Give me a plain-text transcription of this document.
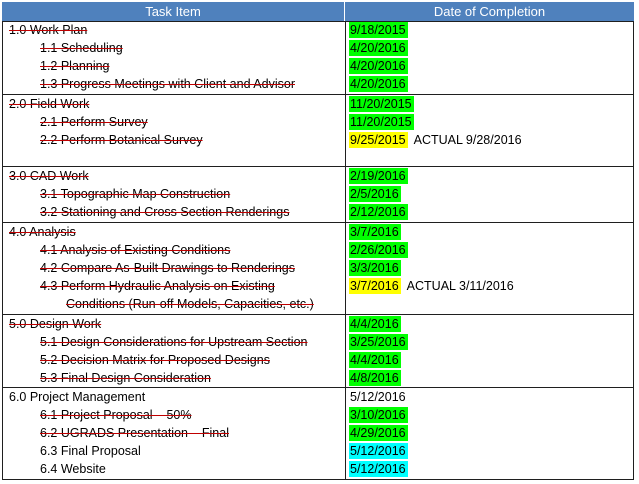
Task Item	Date of Completion
1.0 Work Plan	9/18/2015
1.1 Scheduling	4/20/2016
1.2 Planning	4/20/2016
1.3 Progress Meetings with Client and Advisor	4/20/2016
2.0 Field Work	11/20/2015
2.1 Perform Survey	11/20/2015
2.2 Perform Botanical Survey	9/25/2015 ACTUAL 9/28/2016
3.0 CAD Work	2/19/2016
3.1 Topographic Map Construction	2/5/2016
3.2 Stationing and Cross Section Renderings	2/12/2016
4.0 Analysis	3/7/2016
4.1 Analysis of Existing Conditions	2/26/2016
4.2 Compare As-Built Drawings to Renderings	3/3/2016
4.3 Perform Hydraulic Analysis on Existing	3/7/2016 ACTUAL 3/11/2016
Conditions (Run-off Models, Capacities, etc.)
5.0 Design Work	4/4/2016
5.1 Design Considerations for Upstream Section	3/25/2016
5.2 Decision Matrix for Proposed Designs	4/4/2016
5.3 Final Design Consideration	4/8/2016
6.0 Project Management	5/12/2016
6.1 Project Proposal – 50%	3/10/2016
6.2 UGRADS Presentation – Final	4/29/2016
6.3 Final Proposal	5/12/2016
6.4 Website	5/12/2016
